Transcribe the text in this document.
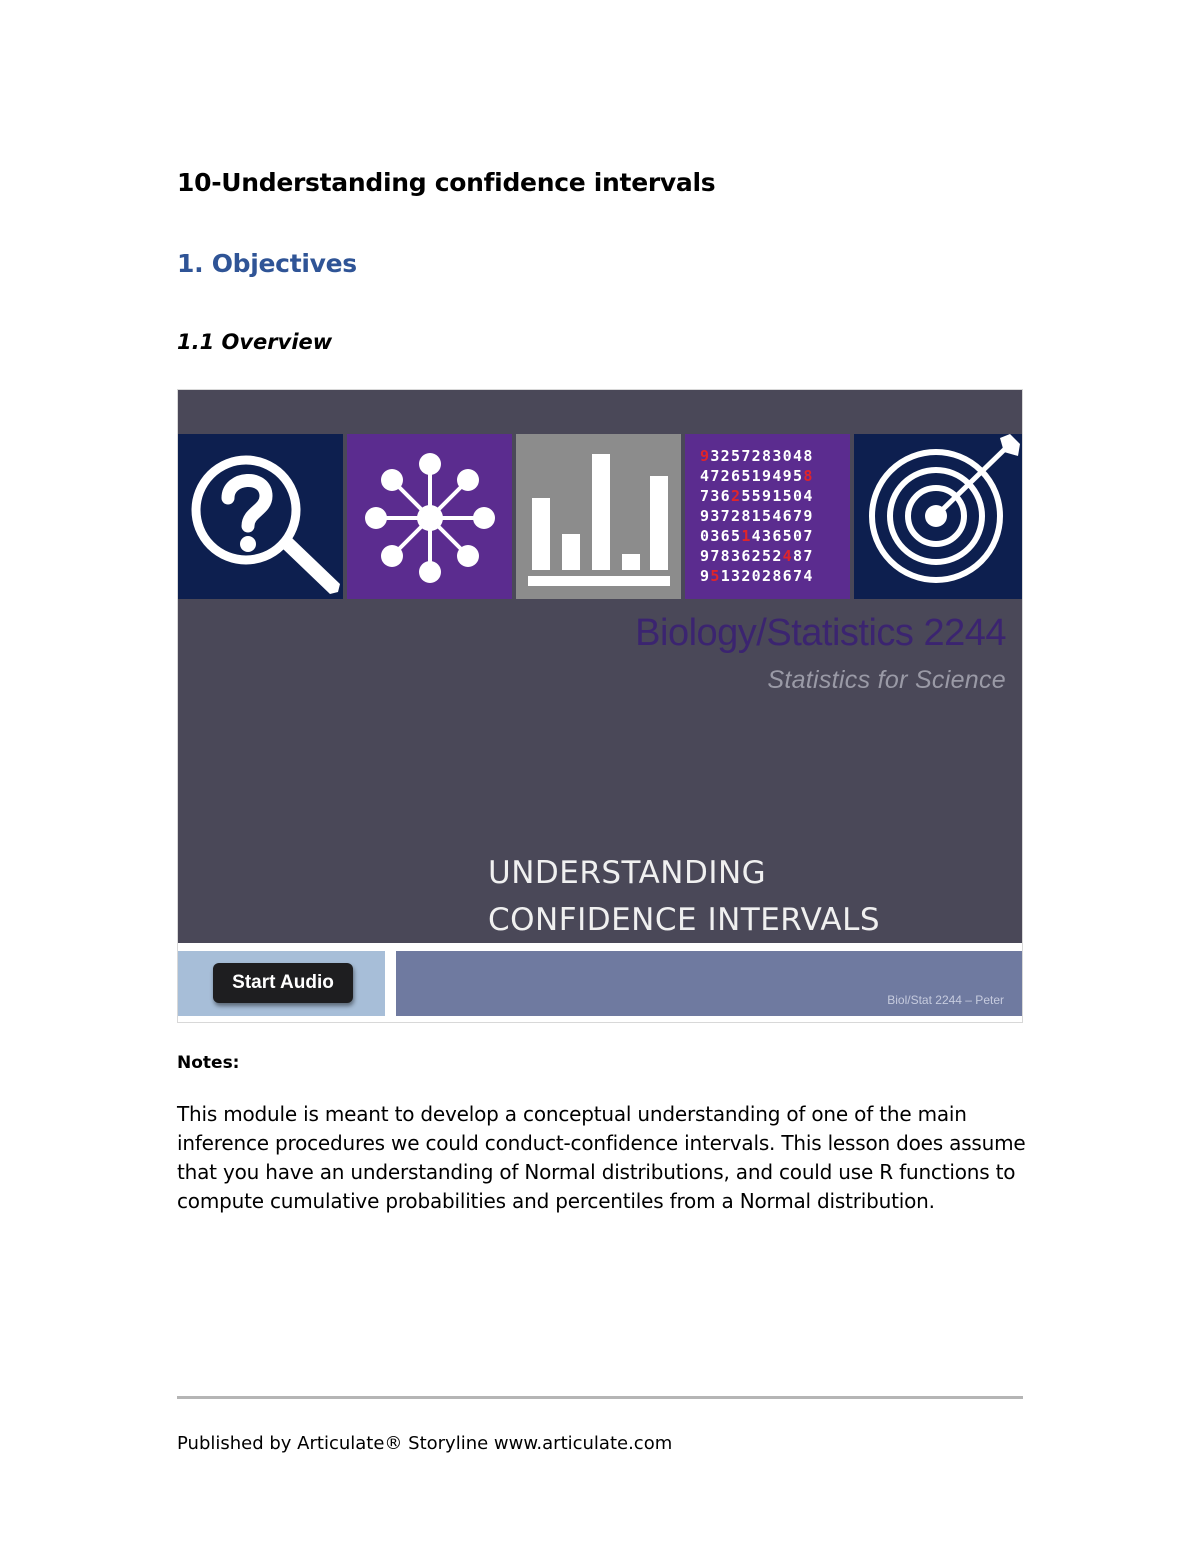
10-Understanding confidence intervals
1. Objectives
1.1 Overview
93257283048
47265194958
73625591504
93728154679
03651436507
97836252487
95132028674
Biology/Statistics 2244
Statistics for Science
UNDERSTANDING
CONFIDENCE INTERVALS
Start Audio
Biol/Stat 2244 – Peter
Notes:
This module is meant to develop a conceptual understanding of one of the main inference procedures we could conduct-confidence intervals. This lesson does assume that you have an understanding of Normal distributions, and could use R functions to compute cumulative probabilities and percentiles from a Normal distribution.
Published by Articulate® Storyline www.articulate.com
